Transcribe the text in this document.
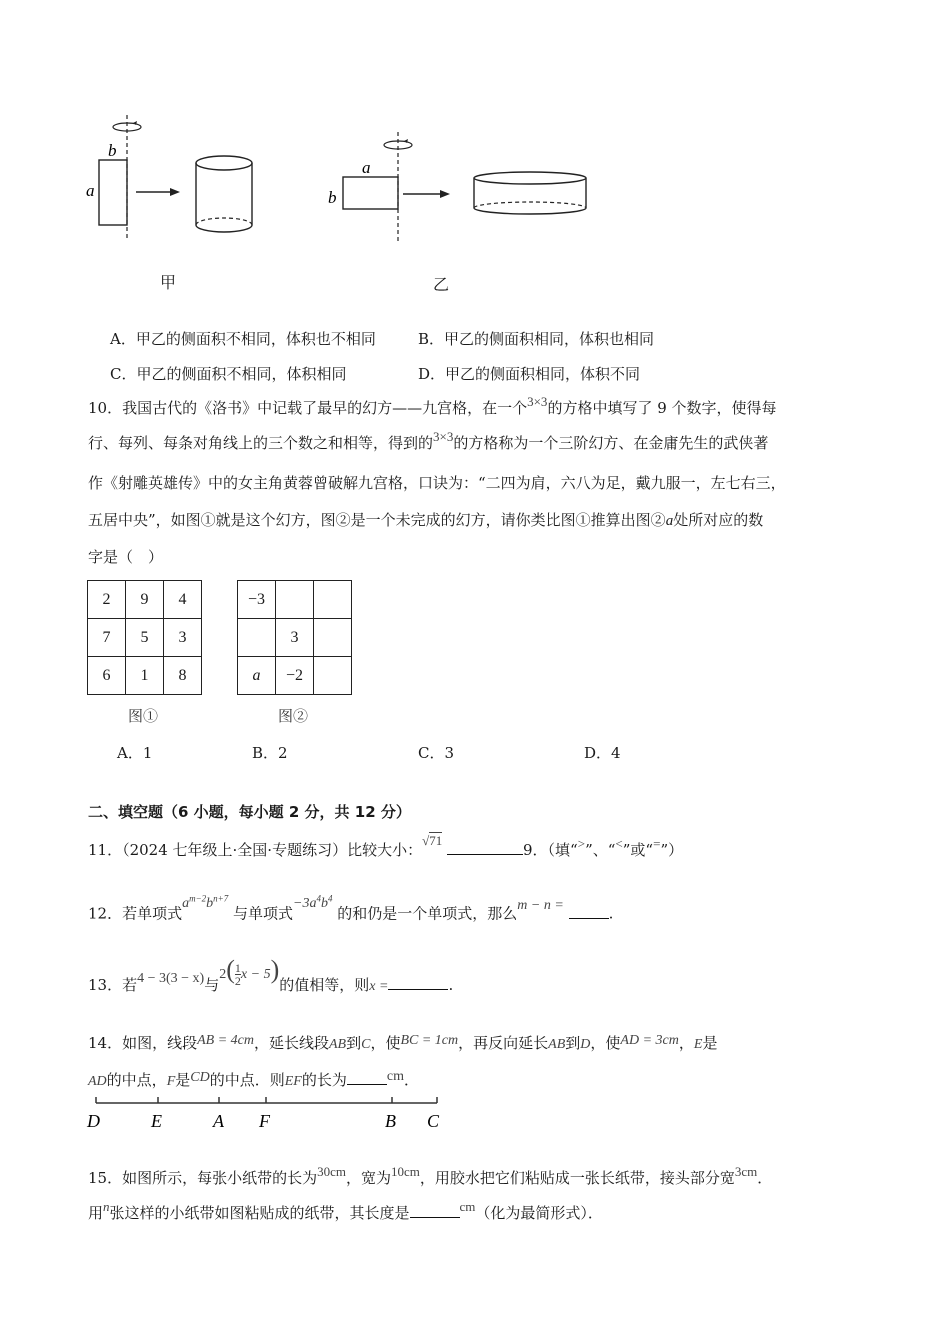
b
a
a
b
甲	乙
A．甲乙的侧面积不相同，体积也不相同	B．甲乙的侧面积相同，体积也相同
C．甲乙的侧面积不相同，体积相同	D．甲乙的侧面积相同，体积不同
10．我国古代的《洛书》中记载了最早的幻方——九宫格，在一个3×3的方格中填写了 9 个数字，使得每
行、每列、每条对角线上的三个数之和相等，得到的3×3的方格称为一个三阶幻方、在金庸先生的武侠著
作《射雕英雄传》中的女主角黄蓉曾破解九宫格，口诀为：“二四为肩，六八为足，戴九服一，左七右三，
五居中央”，如图①就是这个幻方，图②是一个未完成的幻方，请你类比图①推算出图②a处所对应的数
字是（　）
2	9	4
7	5	3
6	1	8
−3		
	3	
a	−2	
图①	图②
A．1	B．2	C．3	D．4
二、填空题（6 小题，每小题 2 分，共 12 分）
11．（2024 七年级上·全国·专题练习）比较大小：√71 9．（填“>”、“<”或“=”）
12．若单项式$a^{m-2}b^{n+7}$ 与单项式$-3a^4b^4$ 的和仍是一个单项式，那么m − n =	.
13．若4 − 3(3 − x)与$2( \frac{1}{2}$ x − 5)的值相等，则x =	.
14．如图，线段AB = 4cm，延长线段AB到C，使BC = 1cm，再反向延长AB到D，使AD = 3cm，E是
AD的中点，F是CD的中点．则EF的长为	cm．
D	E	A F	B C
15．如图所示，每张小纸带的长为30cm，宽为10cm，用胶水把它们粘贴成一张长纸带，接头部分宽3cm．
用n张这样的小纸带如图粘贴成的纸带，其长度是	cm（化为最简形式）．
